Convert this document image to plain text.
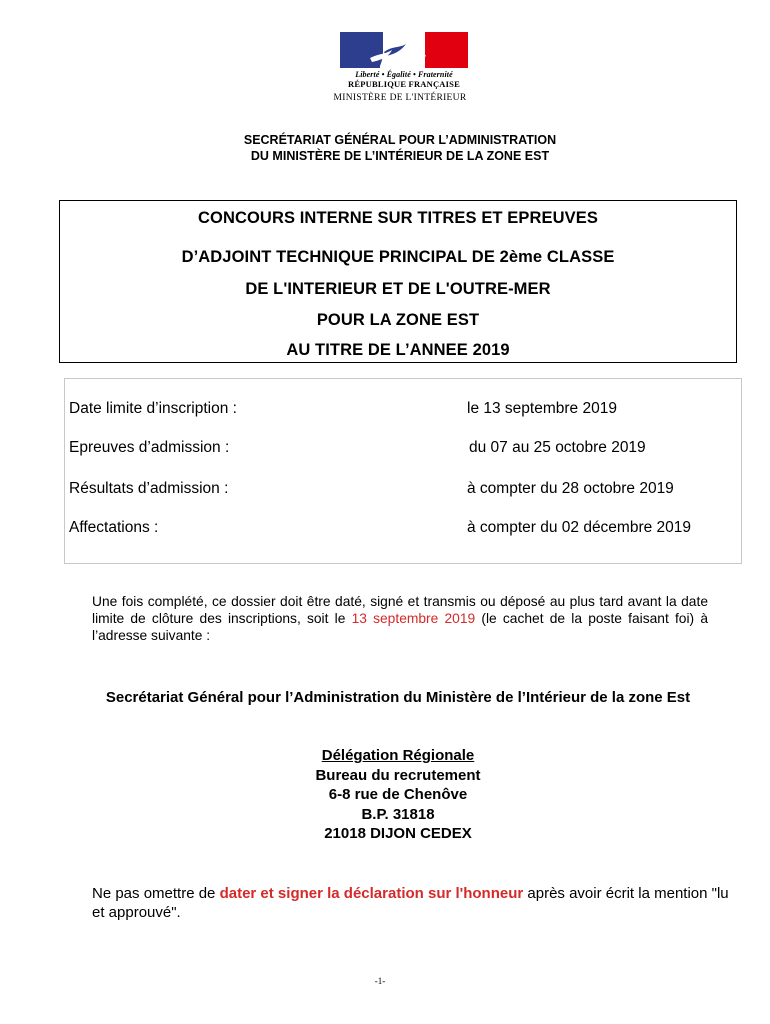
Liberté • Égalité • Fraternité
RÉPUBLIQUE FRANÇAISE
MINISTÈRE DE L'INTÉRIEUR
SECRÉTARIAT GÉNÉRAL POUR L’ADMINISTRATION
DU MINISTÈRE DE L’INTÉRIEUR DE LA ZONE EST
CONCOURS INTERNE SUR TITRES ET EPREUVES
D’ADJOINT TECHNIQUE PRINCIPAL DE 2ème CLASSE
DE L'INTERIEUR ET DE L'OUTRE-MER
POUR LA ZONE EST
AU TITRE DE L’ANNEE 2019
Date limite d’inscription :	le 13 septembre 2019
Epreuves d’admission :	du 07 au 25 octobre 2019
Résultats d’admission :	à compter du 28 octobre 2019
Affectations :	à compter du 02 décembre 2019
Une fois complété, ce dossier doit être daté, signé et transmis ou déposé au plus tard avant la date limite de clôture des inscriptions, soit le 13 septembre 2019 (le cachet de la poste faisant foi) à l’adresse suivante :
Secrétariat Général pour l’Administration du Ministère de l’Intérieur de la zone Est
Délégation Régionale
Bureau du recrutement
6-8 rue de Chenôve
B.P. 31818
21018 DIJON CEDEX
Ne pas omettre de dater et signer la déclaration sur l'honneur après avoir écrit la mention "lu et approuvé".
-1-
